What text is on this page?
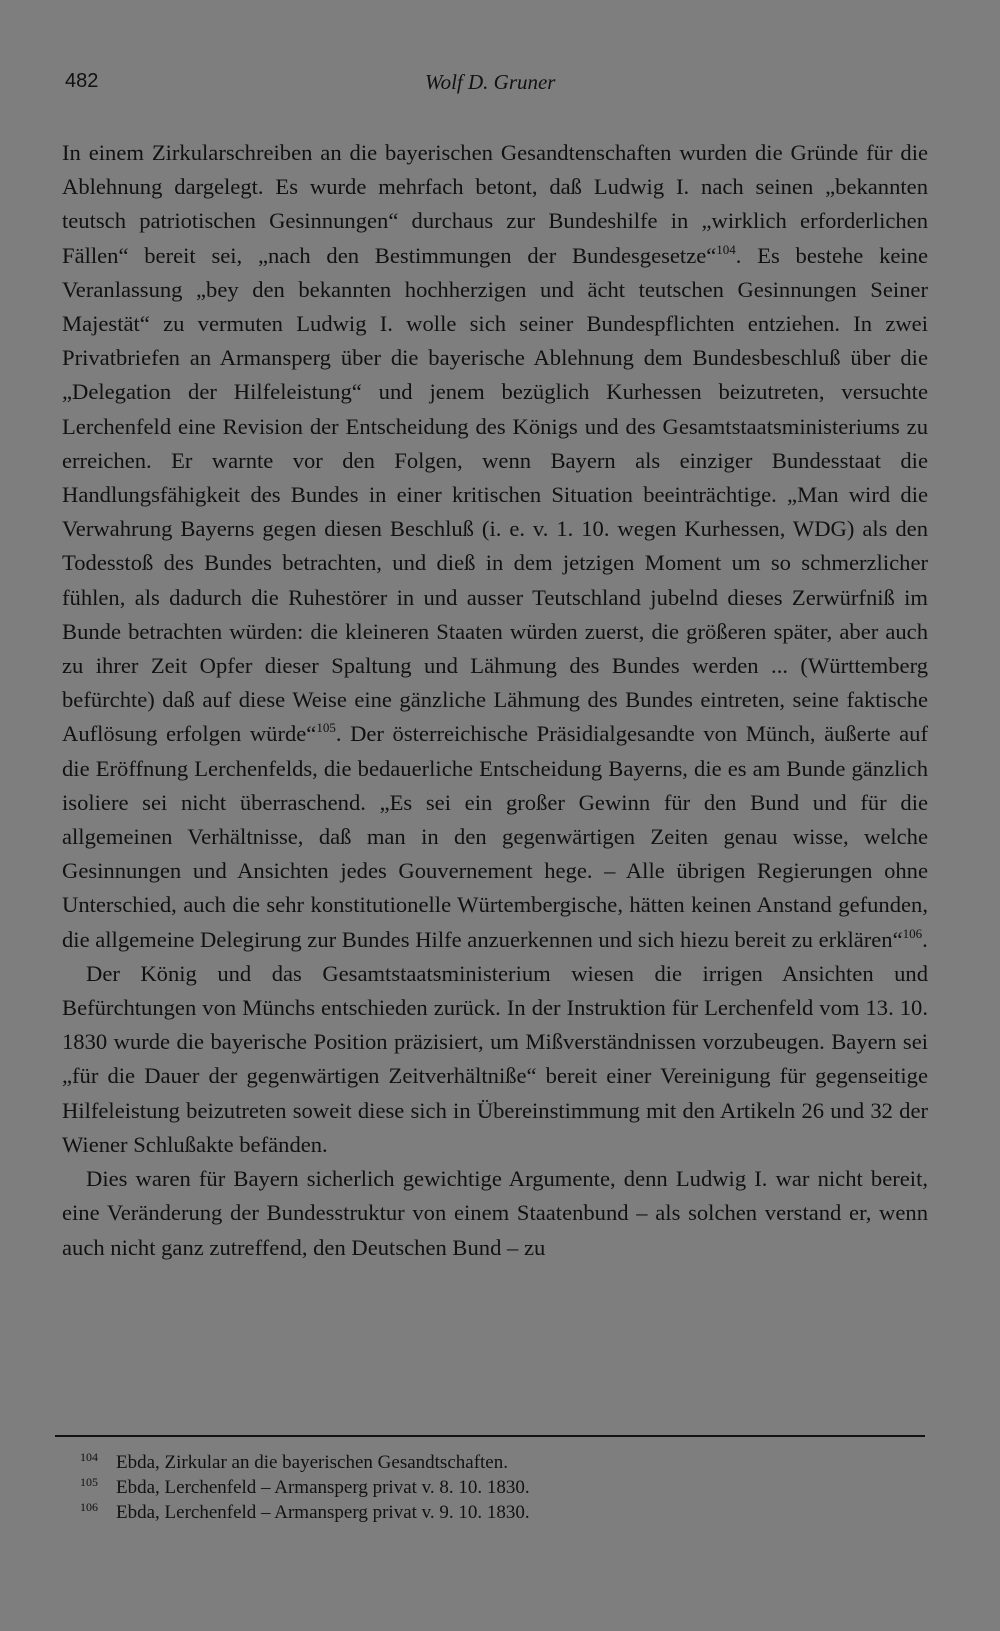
482	Wolf D. Gruner

In einem Zirkularschreiben an die bayerischen Gesandtenschaften wurden die Gründe für die Ablehnung dargelegt. Es wurde mehrfach betont, daß Ludwig I. nach seinen „bekannten teutsch patriotischen Gesinnungen“ durchaus zur Bundeshilfe in „wirklich erforderlichen Fällen“ bereit sei, „nach den Bestimmungen der Bundesgesetze“$^{104}$. Es bestehe keine Veranlassung „bey den bekannten hochherzigen und ächt teutschen Gesinnungen Seiner Majestät“ zu vermuten Ludwig I. wolle sich seiner Bundespflichten entziehen. In zwei Privatbriefen an Armansperg über die bayerische Ablehnung dem Bundesbeschluß über die „Delegation der Hilfeleistung“ und jenem bezüglich Kurhessen beizutreten, versuchte Lerchenfeld eine Revision der Entscheidung des Königs und des Gesamtstaatsministeriums zu erreichen. Er warnte vor den Folgen, wenn Bayern als einziger Bundesstaat die Handlungsfähigkeit des Bundes in einer kritischen Situation beeinträchtige. „Man wird die Verwahrung Bayerns gegen diesen Beschluß (i. e. v. 1. 10. wegen Kurhessen, WDG) als den Todesstoß des Bundes betrachten, und dieß in dem jetzigen Moment um so schmerzlicher fühlen, als dadurch die Ruhestörer in und ausser Teutschland jubelnd dieses Zerwürfniß im Bunde betrachten würden: die kleineren Staaten würden zuerst, die größeren später, aber auch zu ihrer Zeit Opfer dieser Spaltung und Lähmung des Bundes werden ... (Württemberg befürchte) daß auf diese Weise eine gänzliche Lähmung des Bundes eintreten, seine faktische Auflösung erfolgen würde“$^{105}$. Der österreichische Präsidialgesandte von Münch, äußerte auf die Eröffnung Lerchenfelds, die bedauerliche Entscheidung Bayerns, die es am Bunde gänzlich isoliere sei nicht überraschend. „Es sei ein großer Gewinn für den Bund und für die allgemeinen Verhältnisse, daß man in den gegenwärtigen Zeiten genau wisse, welche Gesinnungen und Ansichten jedes Gouvernement hege. – Alle übrigen Regierungen ohne Unterschied, auch die sehr konstitutionelle Würtembergische, hätten keinen Anstand gefunden, die allgemeine Delegirung zur Bundes Hilfe anzuerkennen und sich hiezu bereit zu erklären“$^{106}$.

Der König und das Gesamtstaatsministerium wiesen die irrigen Ansichten und Befürchtungen von Münchs entschieden zurück. In der Instruktion für Lerchenfeld vom 13. 10. 1830 wurde die bayerische Position präzisiert, um Mißverständnissen vorzubeugen. Bayern sei „für die Dauer der gegenwärtigen Zeitverhältniße“ bereit einer Vereinigung für gegenseitige Hilfeleistung beizutreten soweit diese sich in Übereinstimmung mit den Artikeln 26 und 32 der Wiener Schlußakte befänden.

Dies waren für Bayern sicherlich gewichtige Argumente, denn Ludwig I. war nicht bereit, eine Veränderung der Bundesstruktur von einem Staatenbund – als solchen verstand er, wenn auch nicht ganz zutreffend, den Deutschen Bund – zu

104 Ebda, Zirkular an die bayerischen Gesandtschaften.
105 Ebda, Lerchenfeld – Armansperg privat v. 8. 10. 1830.
106 Ebda, Lerchenfeld – Armansperg privat v. 9. 10. 1830.
